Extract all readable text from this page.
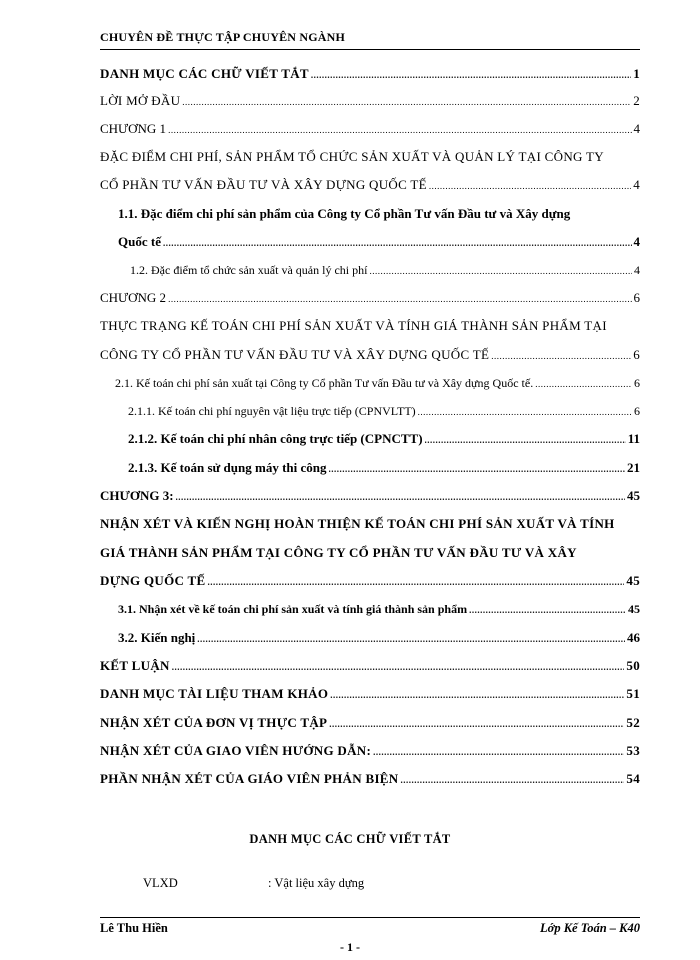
CHUYÊN ĐỀ THỰC TẬP CHUYÊN NGÀNH
DANH MỤC CÁC CHỮ VIẾT TẮT .....	1
LỜI MỞ ĐẦU .....	2
CHƯƠNG 1 .....	4
ĐẶC ĐIỂM CHI PHÍ, SẢN PHẨM TỔ CHỨC SẢN XUẤT VÀ QUẢN LÝ TẠI CÔNG TY
CỔ PHẦN TƯ VẤN ĐẦU TƯ VÀ XÂY DỰNG QUỐC TẾ .....	4
1.1. Đặc điểm chi phí sản phẩm của Công ty Cổ phần Tư vấn Đầu tư và Xây dựng
Quốc tế .....	4
1.2. Đặc điểm tổ chức sản xuất và quản lý chi phí .....	4
CHƯƠNG 2 .....	6
THỰC TRẠNG KẾ TOÁN CHI PHÍ SẢN XUẤT VÀ TÍNH GIÁ THÀNH SẢN PHẨM TẠI
CÔNG TY CỔ PHẦN TƯ VẤN ĐẦU TƯ VÀ XÂY DỰNG QUỐC TẾ .....	6
2.1. Kế toán chi phí sản xuất tại Công ty Cổ phần Tư vấn Đầu tư và Xây dựng Quốc tế. .....	6
2.1.1. Kế toán chi phí nguyên vật liệu trực tiếp (CPNVLTT) .....	6
2.1.2. Kế toán chi phí nhân công trực tiếp (CPNCTT) .....	11
2.1.3. Kế toán sử dụng máy thi công .....	21
CHƯƠNG 3: .....	45
NHẬN XÉT VÀ KIẾN NGHỊ HOÀN THIỆN KẾ TOÁN CHI PHÍ SẢN XUẤT VÀ TÍNH
GIÁ THÀNH SẢN PHẨM TẠI CÔNG TY CỔ PHẦN TƯ VẤN ĐẦU TƯ VÀ XÂY
DỰNG QUỐC TẾ .....	45
3.1. Nhận xét về kế toán chi phí sản xuất và tính giá thành sản phẩm .....	45
3.2. Kiến nghị .....	46
KẾT LUẬN .....	50
DANH MỤC TÀI LIỆU THAM KHẢO .....	51
NHẬN XÉT CỦA ĐƠN VỊ THỰC TẬP .....	52
NHẬN XÉT CỦA GIAO VIÊN HƯỚNG DẪN: .....	53
PHẦN NHẬN XÉT CỦA GIÁO VIÊN PHẢN BIỆN .....	54
DANH MỤC CÁC CHỮ VIẾT TẮT
VLXD	: Vật liệu xây dựng
Lê Thu Hiền	Lớp Kế Toán – K40
- 1 -
